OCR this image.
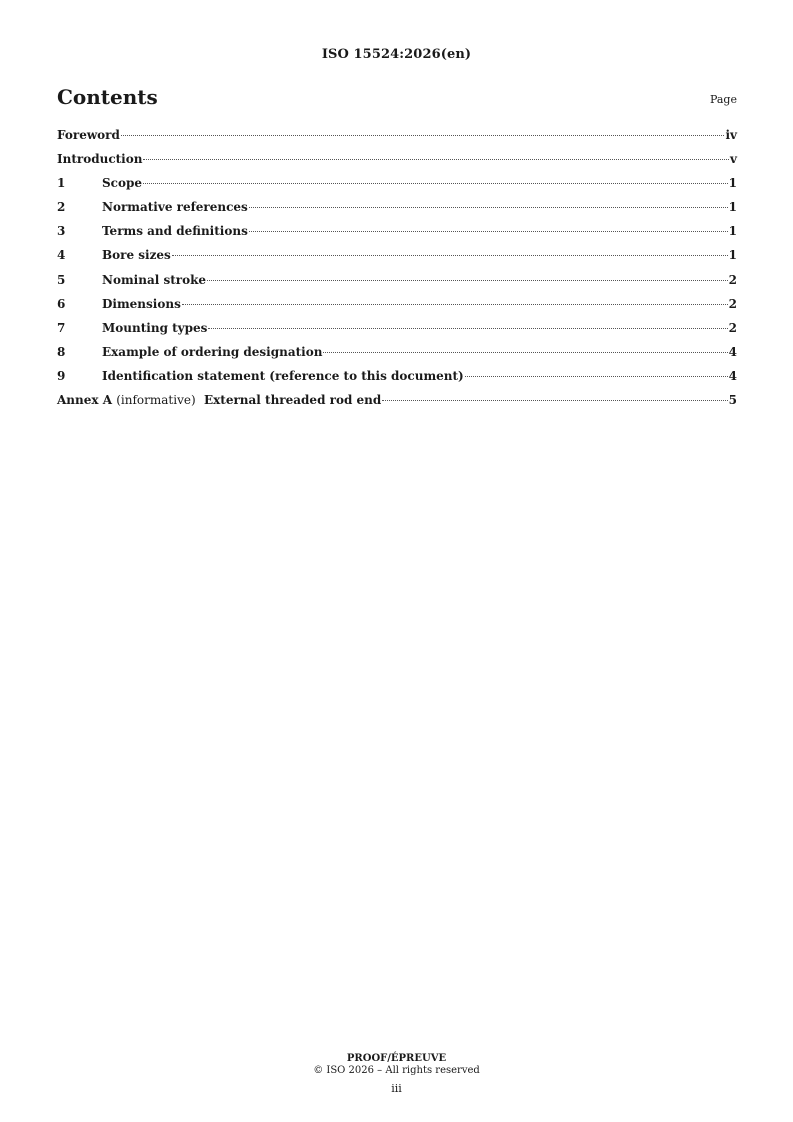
ISO 15524:2026(en)
Contents	Page
Foreword	iv
Introduction	v
1	Scope	1
2	Normative references	1
3	Terms and definitions	1
4	Bore sizes	1
5	Nominal stroke	2
6	Dimensions	2
7	Mounting types	2
8	Example of ordering designation	4
9	Identification statement (reference to this document)	4
Annex A (informative) External threaded rod end	5
PROOF/ÉPREUVE
© ISO 2026 – All rights reserved
iii
